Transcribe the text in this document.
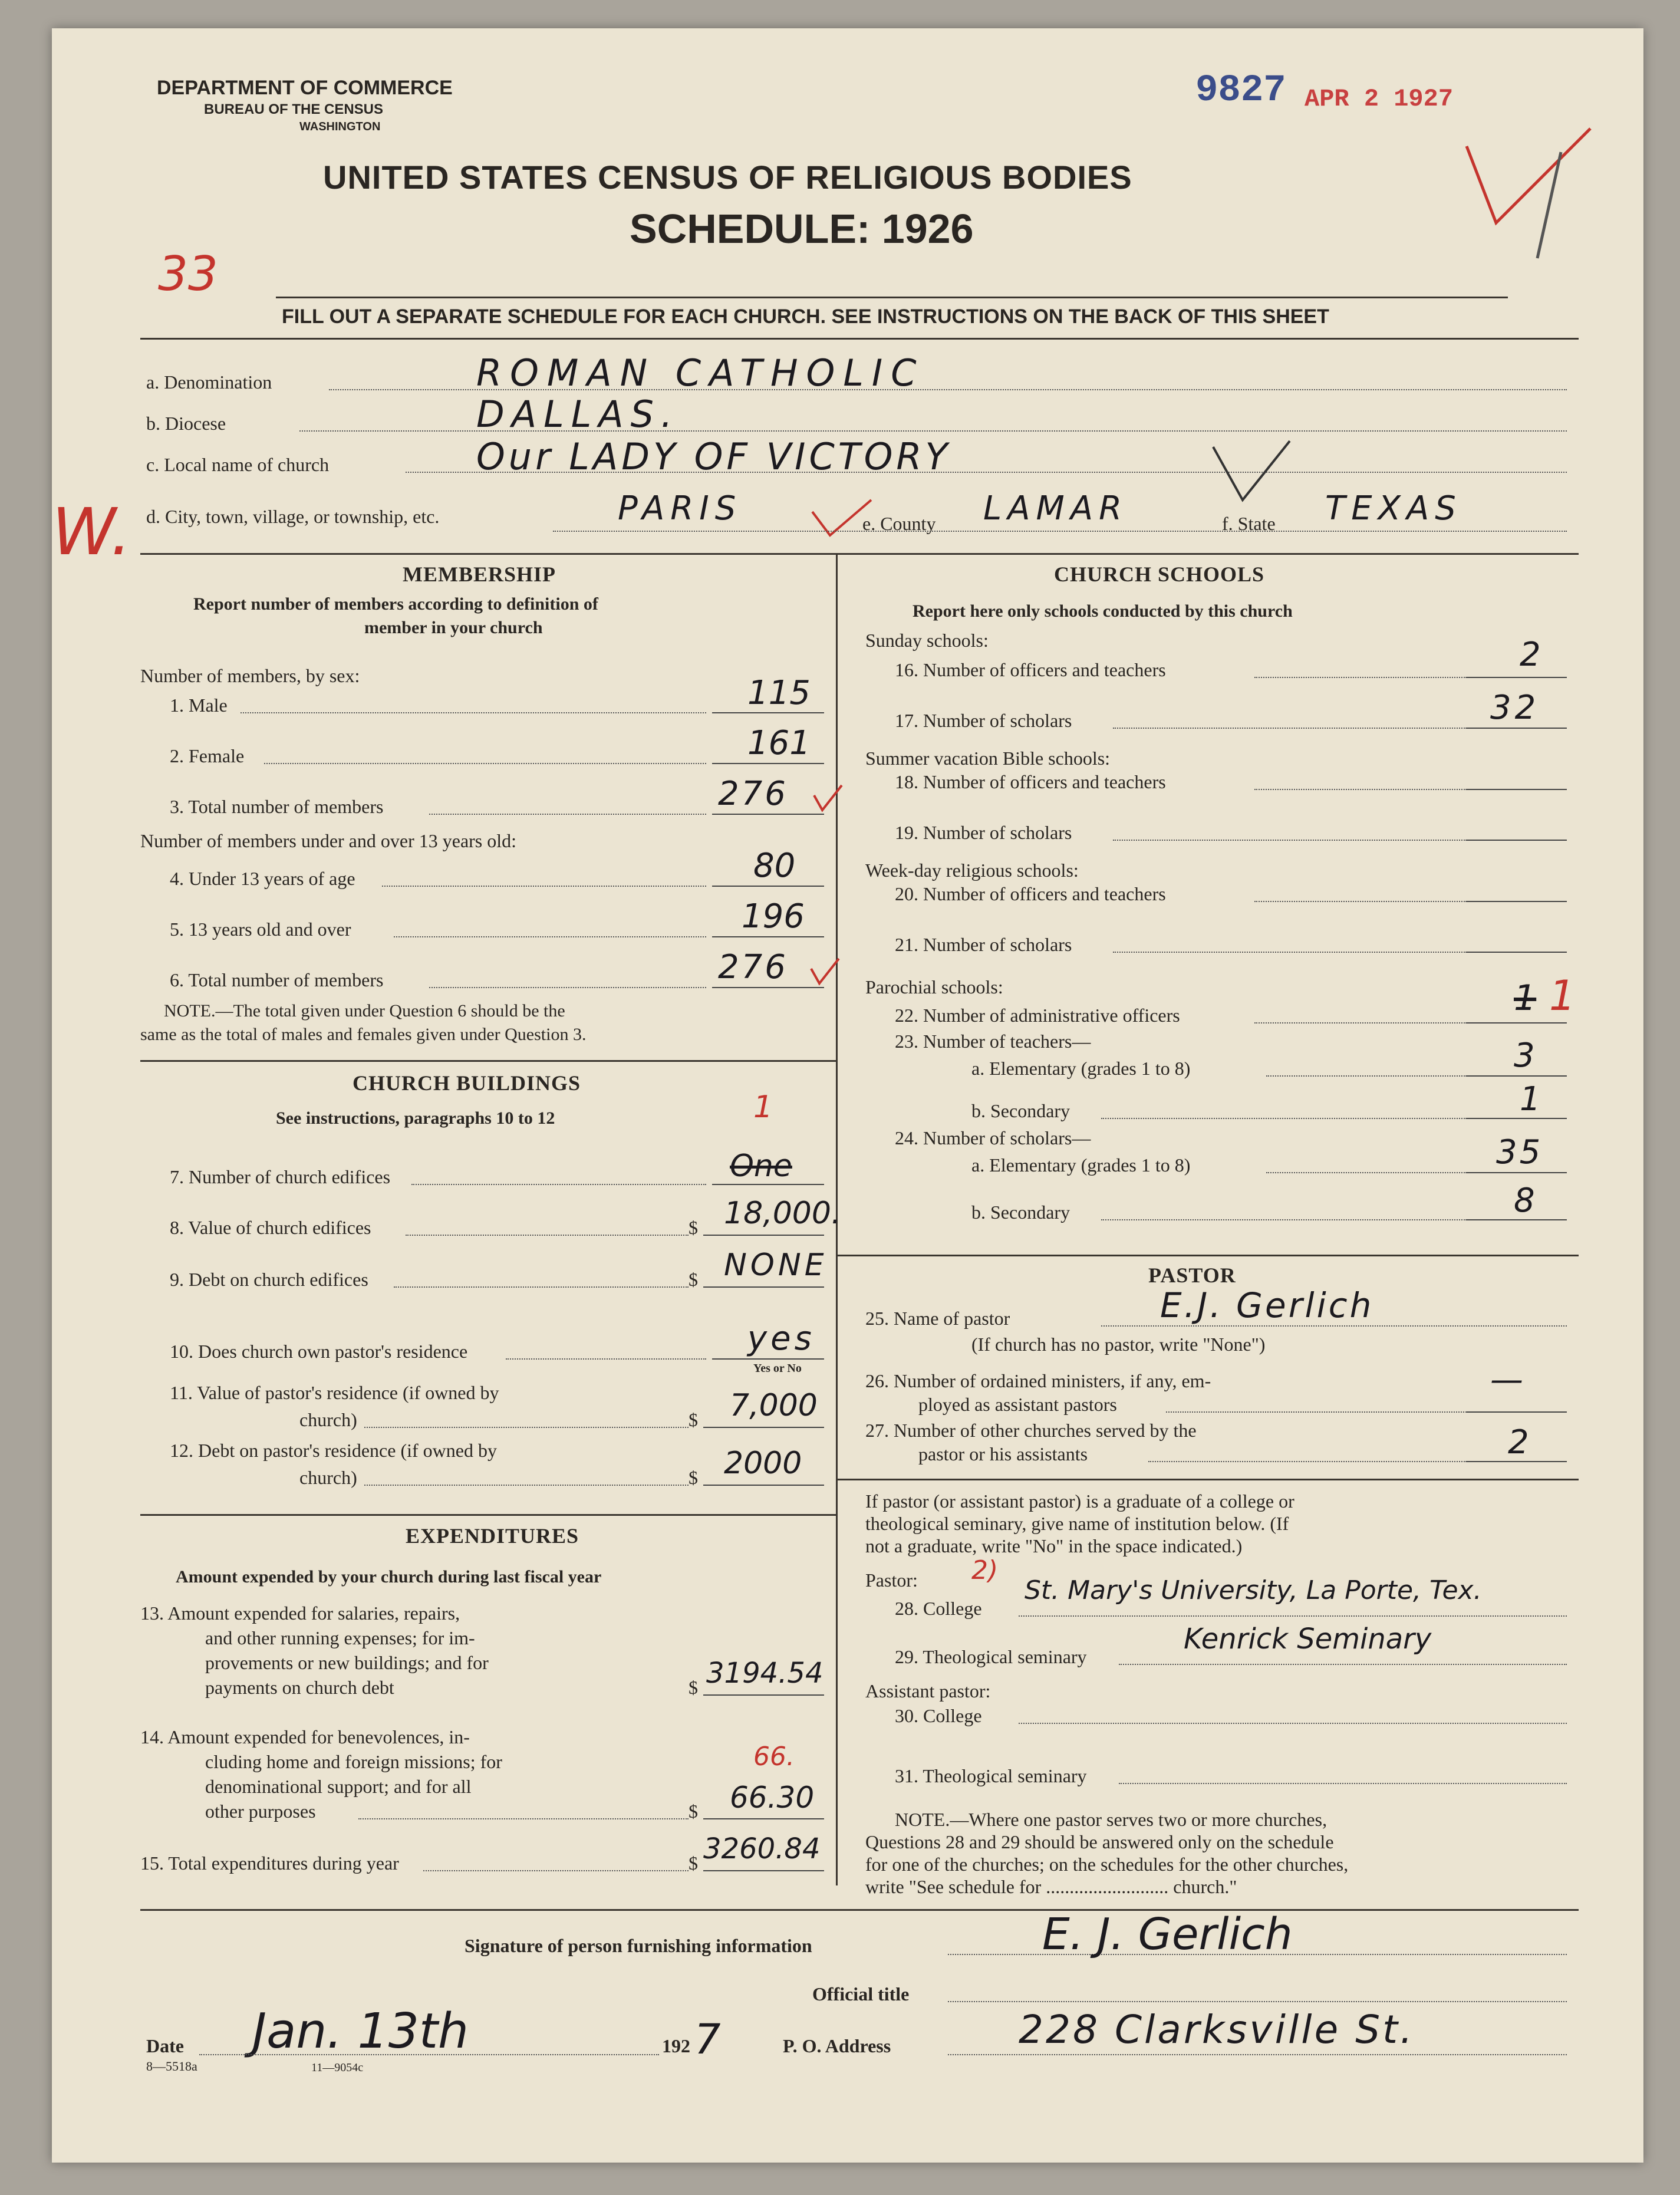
DEPARTMENT OF COMMERCE
BUREAU OF THE CENSUS
WASHINGTON
9827 APR 2 1927
UNITED STATES CENSUS OF RELIGIOUS BODIES
SCHEDULE: 1926
33
FILL OUT A SEPARATE SCHEDULE FOR EACH CHURCH. SEE INSTRUCTIONS ON THE BACK OF THIS SHEET
a. Denomination	ROMAN CATHOLIC
b. Diocese	DALLAS.
c. Local name of church	Our LADY OF VICTORY
W. d. City, town, village, or township, etc.	PARIS	e. County LAMAR	f. State TEXAS
MEMBERSHIP
Report number of members according to definition of
member in your church
Number of members, by sex:
1. Male	115
2. Female	161
3. Total number of members	276
Number of members under and over 13 years old:
4. Under 13 years of age	80
5. 13 years old and over	196
6. Total number of members	276
NOTE.—The total given under Question 6 should be the
same as the total of males and females given under Question 3.
CHURCH BUILDINGS
See instructions, paragraphs 10 to 12	1
7. Number of church edifices	One
8. Value of church edifices	$ 18,000.
9. Debt on church edifices	$ NONE
10. Does church own pastor's residence	yes
Yes or No
11. Value of pastor's residence (if owned by
church)	$ 7,000
12. Debt on pastor's residence (if owned by
church)	$ 2000
EXPENDITURES
Amount expended by your church during last fiscal year
13. Amount expended for salaries, repairs,
and other running expenses; for im-
provements or new buildings; and for
payments on church debt	$ 3194.54
14. Amount expended for benevolences, in-
cluding home and foreign missions; for
denominational support; and for all
other purposes
66.
$ 66.30
15. Total expenditures during year	$ 3260.84
CHURCH SCHOOLS
Report here only schools conducted by this church
Sunday schools:
16. Number of officers and teachers	2
17. Number of scholars	32
Summer vacation Bible schools:
18. Number of officers and teachers
19. Number of scholars
Week-day religious schools:
20. Number of officers and teachers
21. Number of scholars
Parochial schools:
22. Number of administrative officers	1 1
23. Number of teachers—
a. Elementary (grades 1 to 8)	3
b. Secondary	1
24. Number of scholars—
a. Elementary (grades 1 to 8)	35
b. Secondary	8
PASTOR
25. Name of pastor	E.J. Gerlich
(If church has no pastor, write "None")
26. Number of ordained ministers, if any, em-
ployed as assistant pastors
—
27. Number of other churches served by the
pastor or his assistants	2
If pastor (or assistant pastor) is a graduate of a college or
theological seminary, give name of institution below. (If
not a graduate, write "No" in the space indicated.)
Pastor: 2)
28. College
St. Mary's University, La Porte, Tex.
29. Theological seminary
Kenrick Seminary
Assistant pastor:
30. College
31. Theological seminary
NOTE.—Where one pastor serves two or more churches,
Questions 28 and 29 should be answered only on the schedule
for one of the churches; on the schedules for the other churches,
write "See schedule for .......................... church."
Signature of person furnishing information	E. J. Gerlich
Official title
Date Jan. 13th	192 7	P. O. Address	228 Clarksville St.
8—5518a	11—9054c
